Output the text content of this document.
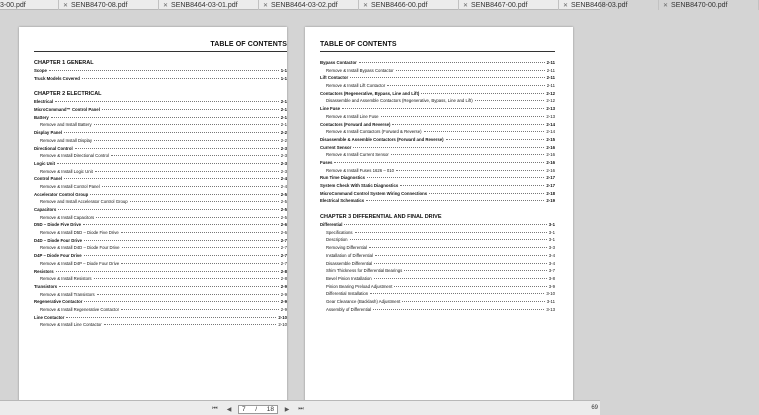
3-00.pdf	✕ SENB8470-08.pdf	✕ SENB8464-03-01.pdf	✕ SENB8464-03-02.pdf	✕ SENB8466-00.pdf	✕ SENB8467-00.pdf	✕ SENB8468-03.pdf	✕ SENB8470-00.pdf
TABLE OF CONTENTS
CHAPTER 1 GENERAL
Scope	1-1
Truck Models Covered	1-1
CHAPTER 2 ELECTRICAL
Electrical	2-1
MicroCommand™ Control Panel	2-1
Battery	2-1
Remove and Install Battery	2-1
Display Panel	2-2
Remove and Install Display	2-2
Directional Control	2-3
Remove & Install Directional Control	2-3
Logic Unit	2-3
Remove & Install Logic Unit	2-3
Control Panel	2-4
Remove & Install Control Panel	2-4
Accelerator Control Group	2-5
Remove and Install Accelerator Control Group	2-5
Capacitors	2-5
Remove & Install Capacitors	2-5
D5D – Diode Five Drive	2-6
Remove & Install D5D – Diode Five Drive	2-6
D4D – Diode Four Drive	2-7
Remove & Install D4D – Diode Four Drive	2-7
D4P – Diode Four Drive	2-7
Remove & Install D4P – Diode Four Drive	2-7
Resistors	2-8
Remove & Install Resistors	2-8
Transistors	2-9
Remove & Install Transistors	2-9
Regenerative Contactor	2-9
Remove & Install Regenerative Contactor	2-9
Line Contactor	2-10
Remove & Install Line Contactor	2-10
TABLE OF CONTENTS
Bypass Contactor	2-11
Remove & Install Bypass Contactor	2-11
Lift Contactor	2-11
Remove & Install Lift Contactor	2-11
Contactors (Regenerative, Bypass, Line and Lift)	2-12
Disassemble and Assemble Contactors (Regenerative, Bypass, Line and Lift)	2-12
Line Fuse	2-13
Remove & Install Line Fuse	2-13
Contactors (Forward and Reverse)	2-14
Remove & Install Contactors (Forward & Reverse)	2-14
Disassemble & Assemble Contactors (Forward and Reverse)	2-15
Current Sensor	2-16
Remove & Install Current Sensor	2-16
Fuses	2-16
Remove & Install Fuses 1626 – 010	2-16
Run Time Diagnostics	2-17
System Check With Static Diagnostics	2-17
MicroCommand Control System Wiring Connections	2-18
Electrical Schematics	2-19
CHAPTER 3 DIFFERENTIAL AND FINAL DRIVE
Differential	3-1
Specifications	3-1
Description	3-1
Removing Differential	3-3
Installation of Differential	3-4
Disassemble Differential	3-4
Shim Thickness for Differential Bearings	3-7
Bevel Pinion Installation	3-8
Pinion Bearing Preload Adjustment	3-9
Differential Installation	3-10
Gear Clearance (Backlash) Adjustment	3-11
Assembly of Differential	3-13
⏮	◀	7 / 18	▶	⏭	69
